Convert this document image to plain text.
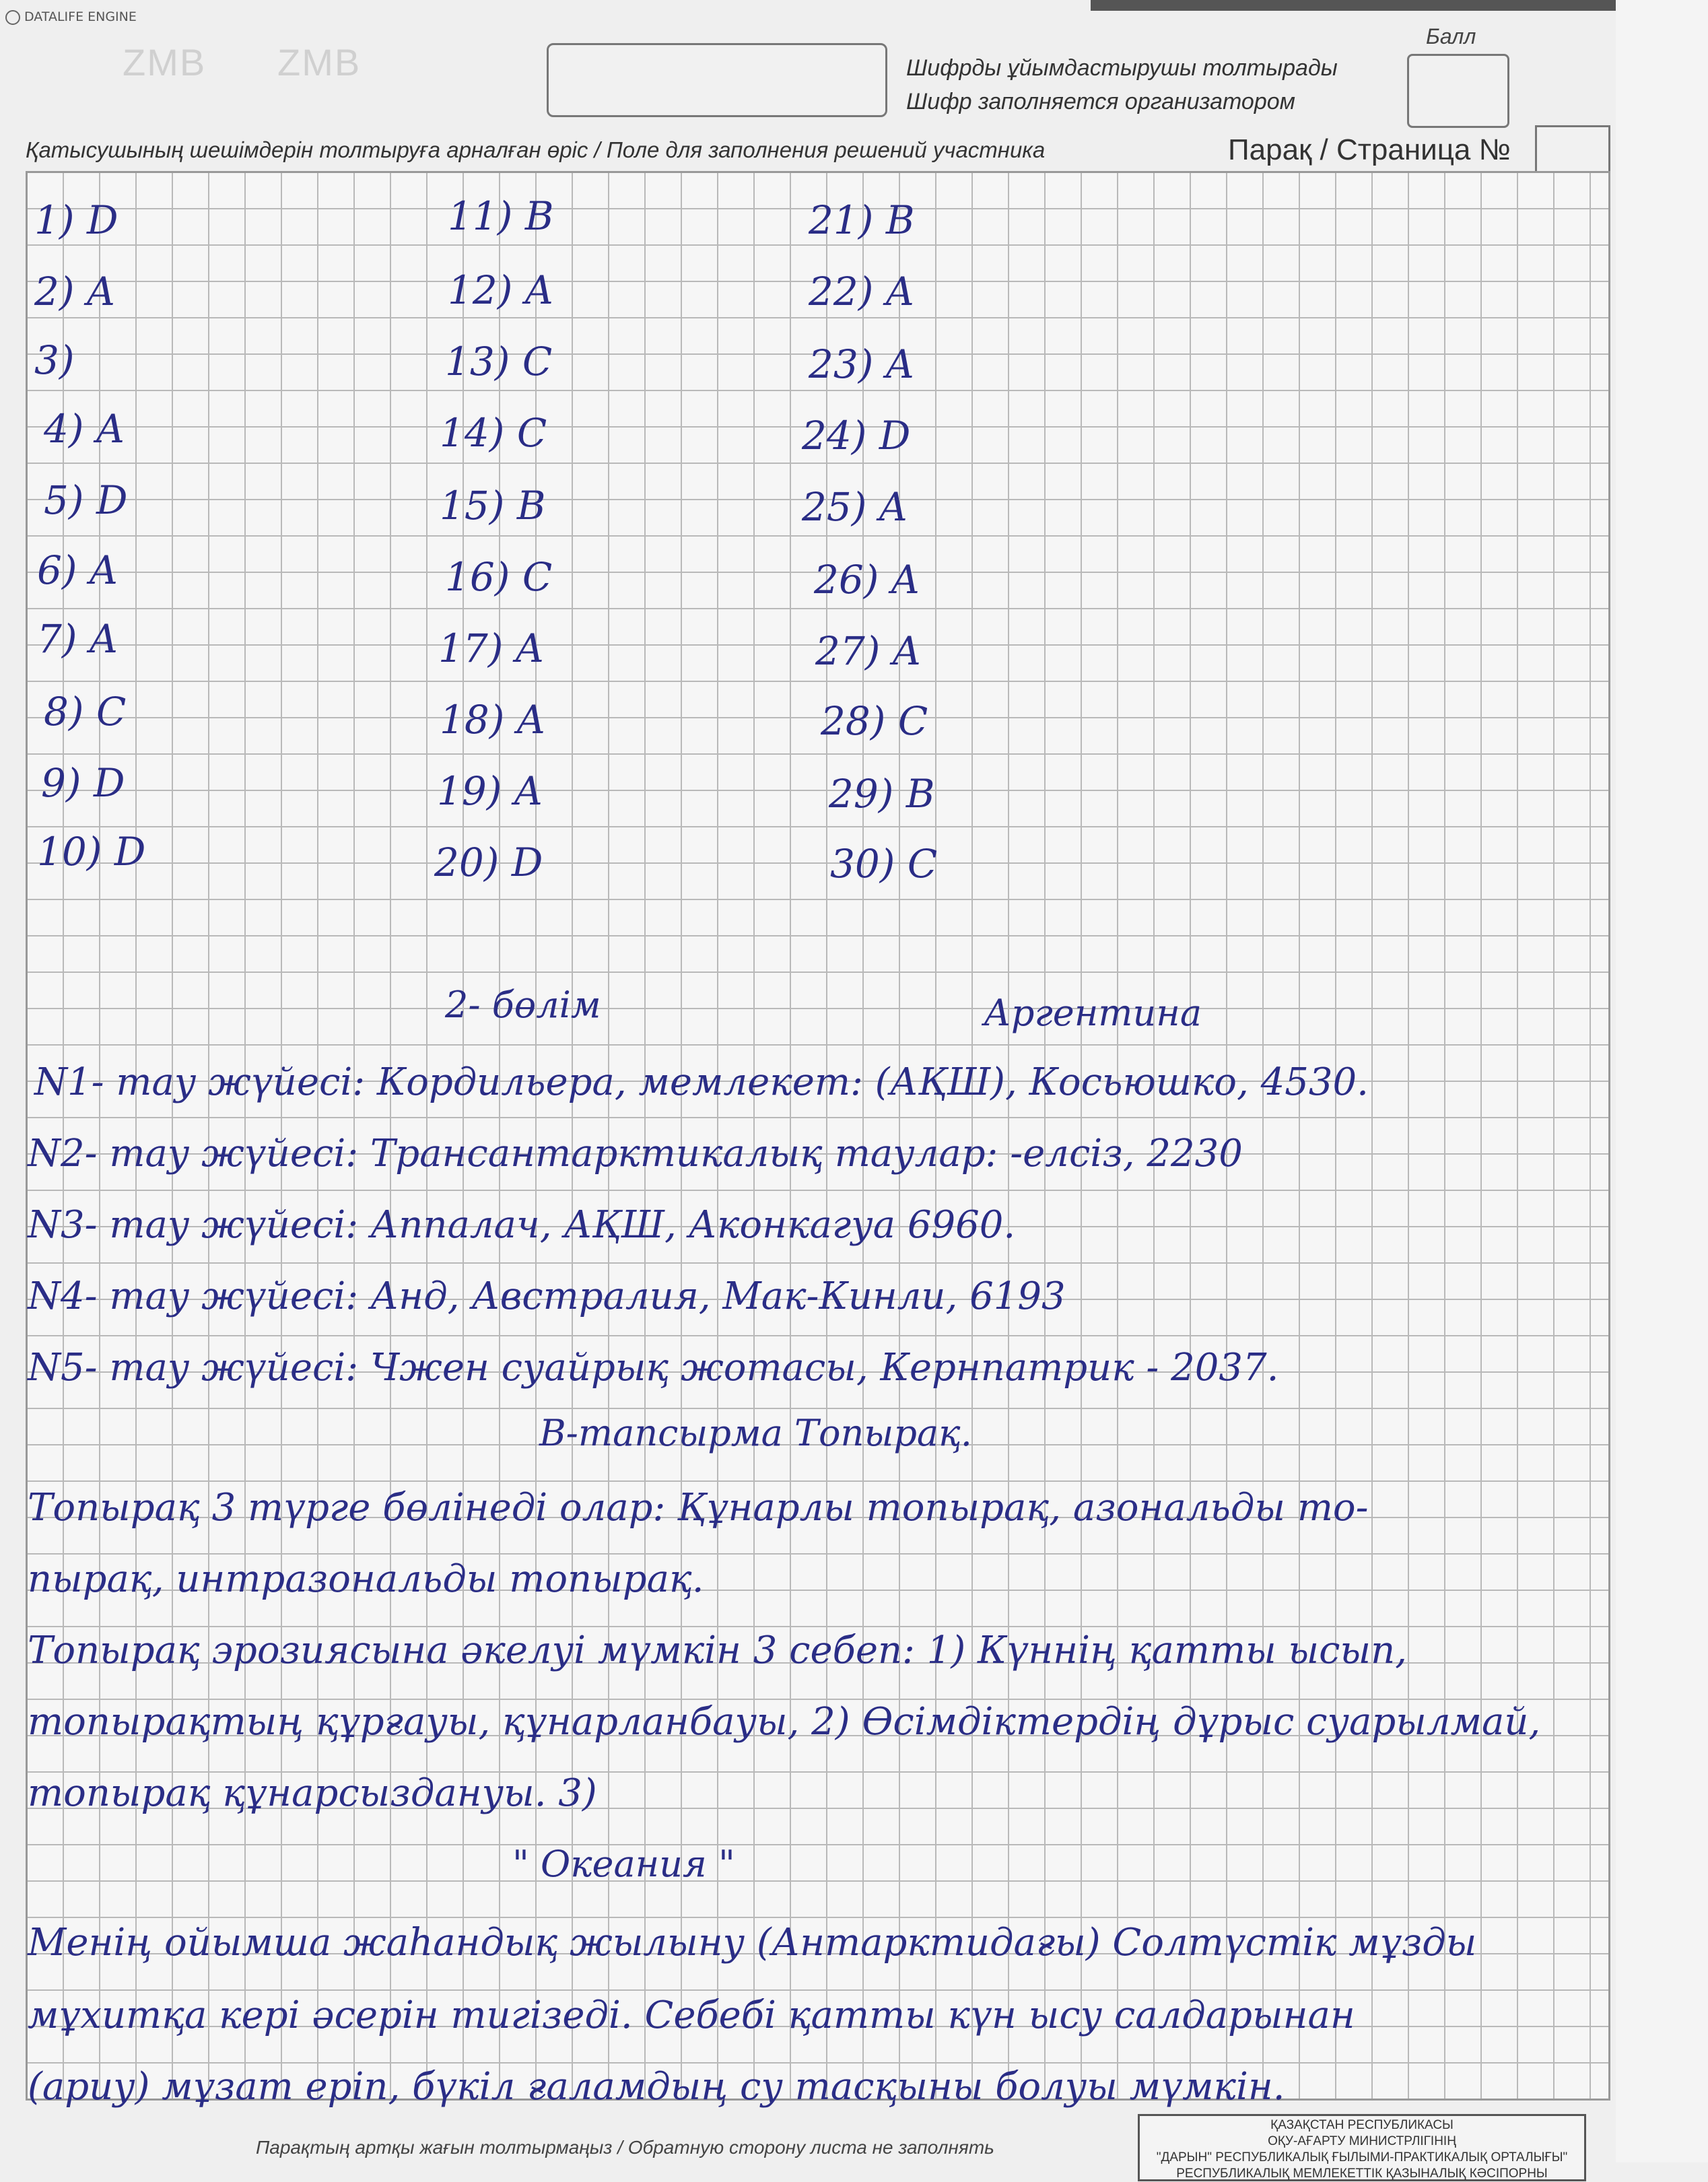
DATALIFE ENGINE
ZMB ZMB	Шифрды ұйымдастырушы толтырады
Шифр заполняется организатором
Балл
Қатысушының шешімдерін толтыруға арналған өріс / Поле для заполнения решений участника	Парақ / Страница №
1) D
2) A
3)
4) A
5) D
6) A
7) A
8) C
9) D
10) D
11) B
12) A
13) C
14) C
15) B
16) C
17) A
18) A
19) A
20) D
21) B
22) A
23) A
24) D
25) A
26) A
27) A
28) C
29) B
30) C
2- бөлім	Аргентина
N1- тау жүйесі: Кордильера, мемлекет: (АҚШ), Косьюшко, 4530.
N2- тау жүйесі: Трансантарктикалық таулар: -елсіз, 2230
N3- тау жүйесі: Аппалач, АҚШ, Аконкагуа 6960.
N4- тау жүйесі: Анд, Австралия, Мак-Кинли, 6193
N5- тау жүйесі: Чжен суайрық жотасы, Кернпатрик - 2037.
В-тапсырма Топырақ.
Топырақ 3 түрге бөлінеді олар: Құнарлы топырақ, азональды то-
пырақ, интразональды топырақ.
Топырақ эрозиясына әкелуі мүмкін 3 себеп: 1) Күннің қатты ысып,
топырақтың құрғауы, құнарланбауы, 2) Өсімдіктердің дұрыс суарылмай,
топырақ құнарсыздануы. 3)
" Океания "
Менің ойымша жаһандық жылыну (Антарктидағы) Солтүстік мұзды
мұхитқа кері әсерін тигізеді. Себебі қатты күн ысу салдарынан
(ариу) мұзат еріп, бүкіл ғаламдың су тасқыны болуы мүмкін.
Парақтың артқы жағын толтырмаңыз / Обратную сторону листа не заполнять
ҚАЗАҚСТАН РЕСПУБЛИКАСЫ
ОҚУ-АҒАРТУ МИНИСТРЛІГІНІҢ
"ДАРЫН" РЕСПУБЛИКАЛЫҚ ҒЫЛЫМИ-ПРАКТИКАЛЫҚ ОРТАЛЫҒЫ"
РЕСПУБЛИКАЛЫҚ МЕМЛЕКЕТТІК ҚАЗЫНАЛЫҚ КӘСІПОРНЫ
